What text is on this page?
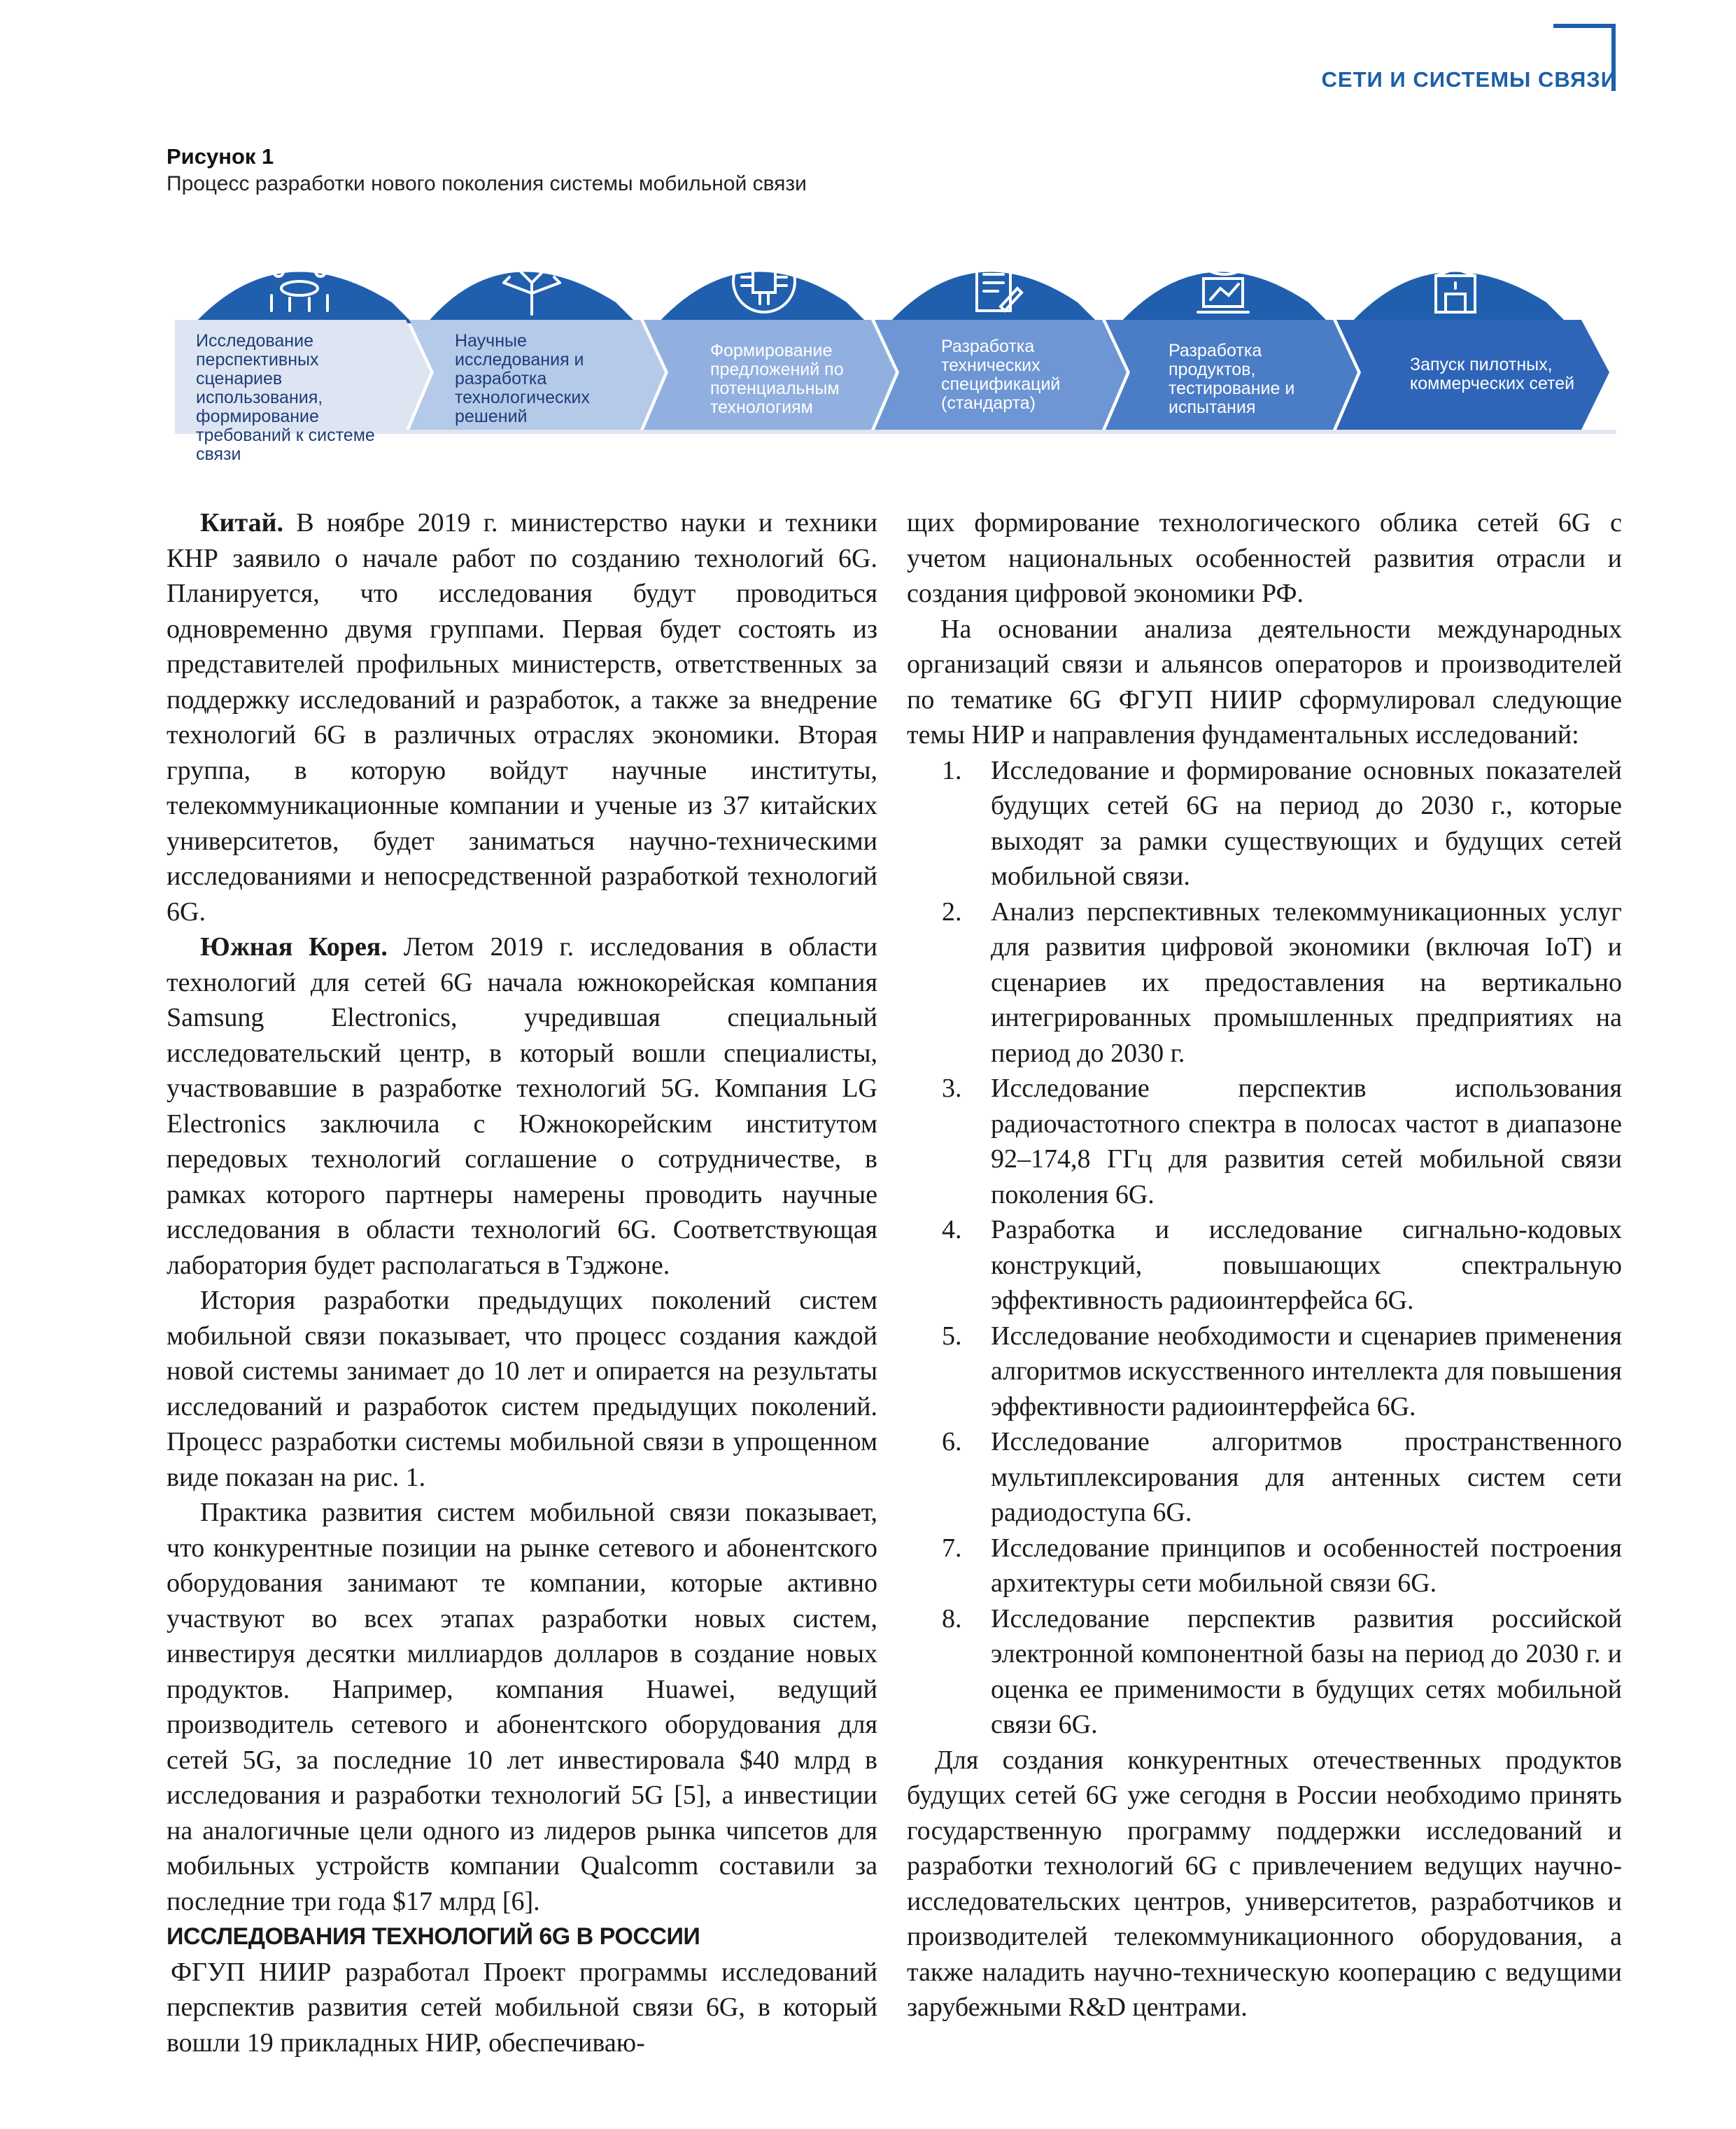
СЕТИ И СИСТЕМЫ СВЯЗИ
Рисунок 1
Процесс разработки нового поколения системы мобильной связи
Исследование перспективных сценариев использования, формирование требований к системе связи
Научные исследования и разработка технологических решений
Формирование предложений по потенциальным технологиям
Разработка технических спецификаций (стандарта)
Разработка продуктов, тестирование и испытания
Запуск пилотных, коммерческих сетей

Китай. В ноябре 2019 г. министерство науки и техники КНР заявило о начале работ по созданию технологий 6G. Планируется, что исследования будут проводиться одновременно двумя группами. Первая будет состоять из представителей профильных министерств, ответственных за поддержку исследований и разработок, а также за внедрение технологий 6G в различных отраслях экономики. Вторая группа, в которую войдут научные институты, телекоммуникационные компании и ученые из 37 китайских университетов, будет заниматься научно-техническими исследованиями и непосредственной разработкой технологий 6G.

Южная Корея. Летом 2019 г. исследования в области технологий для сетей 6G начала южнокорейская компания Samsung Electronics, учредившая специальный исследовательский центр, в который вошли специалисты, участвовавшие в разработке технологий 5G. Компания LG Electronics заключила с Южнокорейским институтом передовых технологий соглашение о сотрудничестве, в рамках которого партнеры намерены проводить научные исследования в области технологий 6G. Соответствующая лаборатория будет располагаться в Тэджоне.

История разработки предыдущих поколений систем мобильной связи показывает, что процесс создания каждой новой системы занимает до 10 лет и опирается на результаты исследований и разработок систем предыдущих поколений. Процесс разработки системы мобильной связи в упрощенном виде показан на рис. 1.

Практика развития систем мобильной связи показывает, что конкурентные позиции на рынке сетевого и абонентского оборудования занимают те компании, которые активно участвуют во всех этапах разработки новых систем, инвестируя десятки миллиардов долларов в создание новых продуктов. Например, компания Huawei, ведущий производитель сетевого и абонентского оборудования для сетей 5G, за последние 10 лет инвестировала $40 млрд в исследования и разработки технологий 5G [5], а инвестиции на аналогичные цели одного из лидеров рынка чипсетов для мобильных устройств компании Qualcomm составили за последние три года $17 млрд [6].

ИССЛЕДОВАНИЯ ТЕХНОЛОГИЙ 6G В РОССИИ

ФГУП НИИР разработал Проект программы исследований перспектив развития сетей мобильной связи 6G, в который вошли 19 прикладных НИР, обеспечиваю-

щих формирование технологического облика сетей 6G с учетом национальных особенностей развития отрасли и создания цифровой экономики РФ.

На основании анализа деятельности международных организаций связи и альянсов операторов и производителей по тематике 6G ФГУП НИИР сформулировал следующие темы НИР и направления фундаментальных исследований:

1. Исследование и формирование основных показателей будущих сетей 6G на период до 2030 г., которые выходят за рамки существующих и будущих сетей мобильной связи.
2. Анализ перспективных телекоммуникационных услуг для развития цифровой экономики (включая IoT) и сценариев их предоставления на вертикально интегрированных промышленных предприятиях на период до 2030 г.
3. Исследование перспектив использования радиочастотного спектра в полосах частот в диапазоне 92–174,8 ГГц для развития сетей мобильной связи поколения 6G.
4. Разработка и исследование сигнально-кодовых конструкций, повышающих спектральную эффективность радиоинтерфейса 6G.
5. Исследование необходимости и сценариев применения алгоритмов искусственного интеллекта для повышения эффективности радиоинтерфейса 6G.
6. Исследование алгоритмов пространственного мультиплексирования для антенных систем сети радиодоступа 6G.
7. Исследование принципов и особенностей построения архитектуры сети мобильной связи 6G.
8. Исследование перспектив развития российской электронной компонентной базы на период до 2030 г. и оценка ее применимости в будущих сетях мобильной связи 6G.

Для создания конкурентных отечественных продуктов будущих сетей 6G уже сегодня в России необходимо принять государственную программу поддержки исследований и разработки технологий 6G с привлечением ведущих научно-исследовательских центров, университетов, разработчиков и производителей телекоммуникационного оборудования, а также наладить научно-техническую кооперацию с ведущими зарубежными R&D центрами.
